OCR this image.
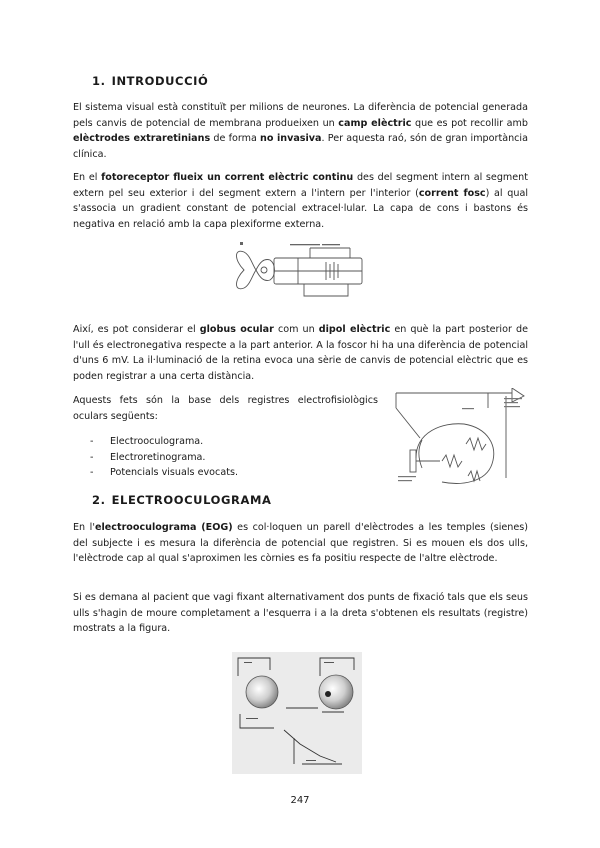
1. INTRODUCCIÓ

El sistema visual està constituït per milions de neurones. La diferència de potencial generada pels canvis de potencial de membrana produeixen un camp elèctric que es pot recollir amb elèctrodes extraretinians de forma no invasiva. Per aquesta raó, són de gran importància clínica.

En el fotoreceptor flueix un corrent elèctric continu des del segment intern al segment extern pel seu exterior i del segment extern a l'intern per l'interior (corrent fosc) al qual s'associa un gradient constant de potencial extracel·lular. La capa de cons i bastons és negativa en relació amb la capa plexiforme externa.

Així, es pot considerar el globus ocular com un dipol elèctric en què la part posterior de l'ull és electronegativa respecte a la part anterior. A la foscor hi ha una diferència de potencial d'uns 6 mV. La il·luminació de la retina evoca una sèrie de canvis de potencial elèctric que es poden registrar a una certa distància.

Aquests fets són la base dels registres electrofisiològics oculars següents:

- Electrooculograma.
- Electroretinograma.
- Potencials visuals evocats.
2. ELECTROOCULOGRAMA

En l'electrooculograma (EOG) es col·loquen un parell d'elèctrodes a les temples (sienes) del subjecte i es mesura la diferència de potencial que registren. Si es mouen els dos ulls, l'elèctrode cap al qual s'aproximen les còrnies es fa positiu respecte de l'altre elèctrode.

Si es demana al pacient que vagi fixant alternativament dos punts de fixació tals que els seus ulls s'hagin de moure completament a l'esquerra i a la dreta s'obtenen els resultats (registre) mostrats a la figura.

247
